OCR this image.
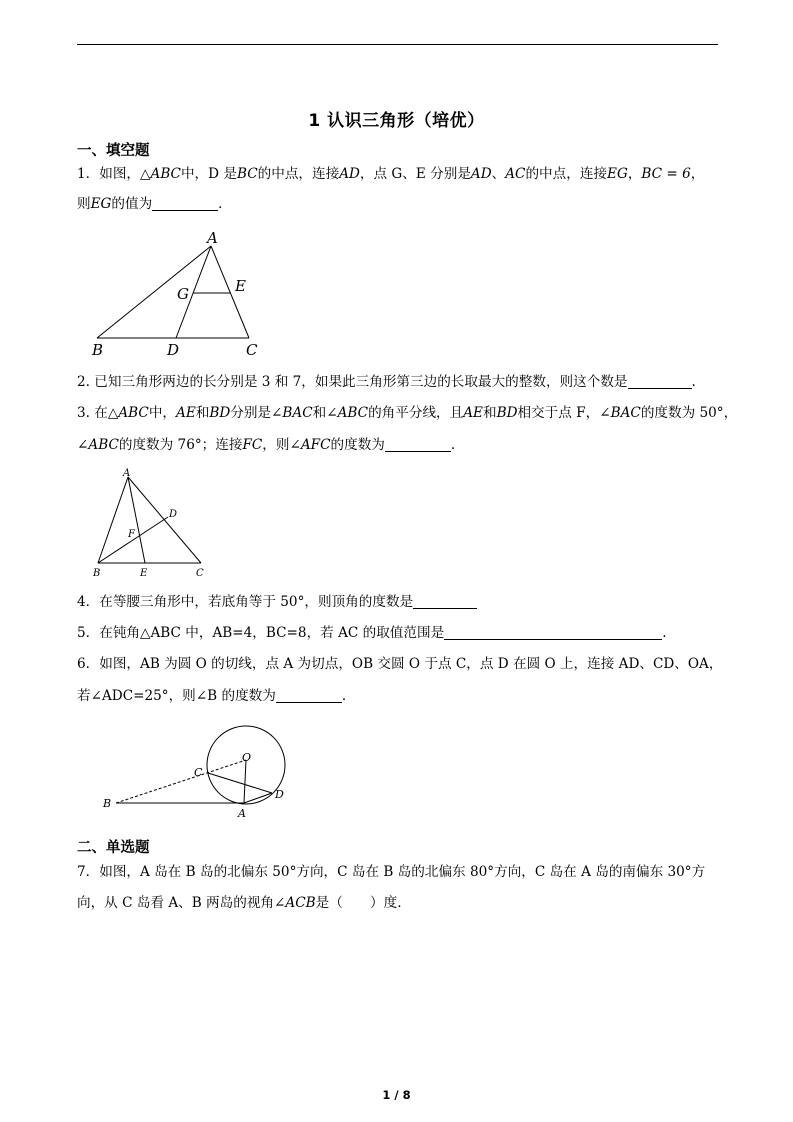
1 认识三角形（培优）
一、填空题
1．如图，△ABC中，D 是BC的中点，连接AD，点 G、E 分别是AD、AC的中点，连接EG，BC = 6，
则EG的值为	．
A
E
G
B	D	C
2. 已知三角形两边的长分别是 3 和 7，如果此三角形第三边的长取最大的整数，则这个数是	.
3. 在△ABC中，AE和BD分别是∠BAC和∠ABC的角平分线，且AE和BD相交于点 F，∠BAC的度数为 50°，
∠ABC的度数为 76°；连接FC，则∠AFC的度数为	.
A
D
F
B	E	C
4．在等腰三角形中，若底角等于 50°，则顶角的度数是
5．在钝角△ABC 中，AB=4，BC=8，若 AC 的取值范围是	.
6．如图，AB 为圆 O 的切线，点 A 为切点，OB 交圆 O 于点 C，点 D 在圆 O 上，连接 AD、CD、OA，
若∠ADC=25°，则∠B 的度数为	.
O
C
B
D
A
二、单选题
7．如图，A 岛在 B 岛的北偏东 50°方向，C 岛在 B 岛的北偏东 80°方向，C 岛在 A 岛的南偏东 30°方
向，从 C 岛看 A、B 两岛的视角∠ACB是（　　）度.
1 / 8
